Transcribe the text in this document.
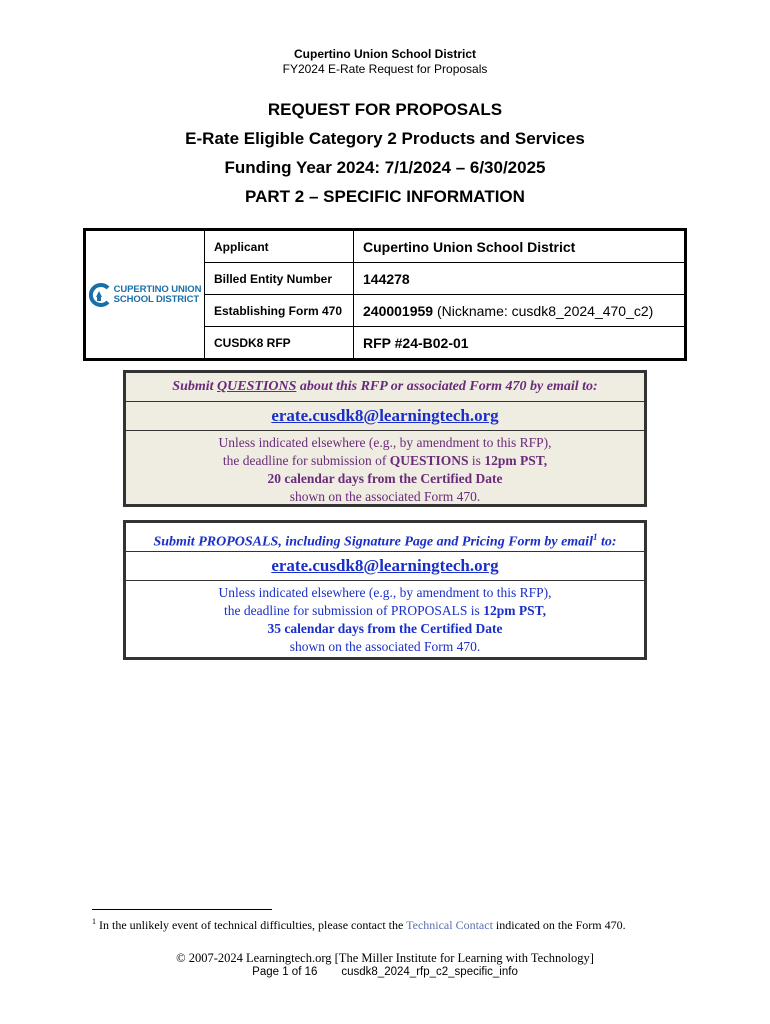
Cupertino Union School District
FY2024 E-Rate Request for Proposals
REQUEST FOR PROPOSALS
E-Rate Eligible Category 2 Products and Services
Funding Year 2024: 7/1/2024 – 6/30/2025
PART 2 – SPECIFIC INFORMATION
CUPERTINO UNION
SCHOOL DISTRICT	Applicant	Cupertino Union School District
	Billed Entity Number	144278
	Establishing Form 470	240001959 (Nickname: cusdk8_2024_470_c2)
	CUSDK8 RFP	RFP #24-B02-01
Submit QUESTIONS about this RFP or associated Form 470 by email to:
erate.cusdk8@learningtech.org
Unless indicated elsewhere (e.g., by amendment to this RFP),
the deadline for submission of QUESTIONS is 12pm PST,
20 calendar days from the Certified Date
shown on the associated Form 470.
Submit PROPOSALS, including Signature Page and Pricing Form by email$^1$ to:
erate.cusdk8@learningtech.org
Unless indicated elsewhere (e.g., by amendment to this RFP),
the deadline for submission of PROPOSALS is 12pm PST,
35 calendar days from the Certified Date
shown on the associated Form 470.
$^1$ In the unlikely event of technical difficulties, please contact the Technical Contact indicated on the Form 470.
© 2007-2024 Learningtech.org [The Miller Institute for Learning with Technology]
Page 1 of 16 cusdk8_2024_rfp_c2_specific_info
